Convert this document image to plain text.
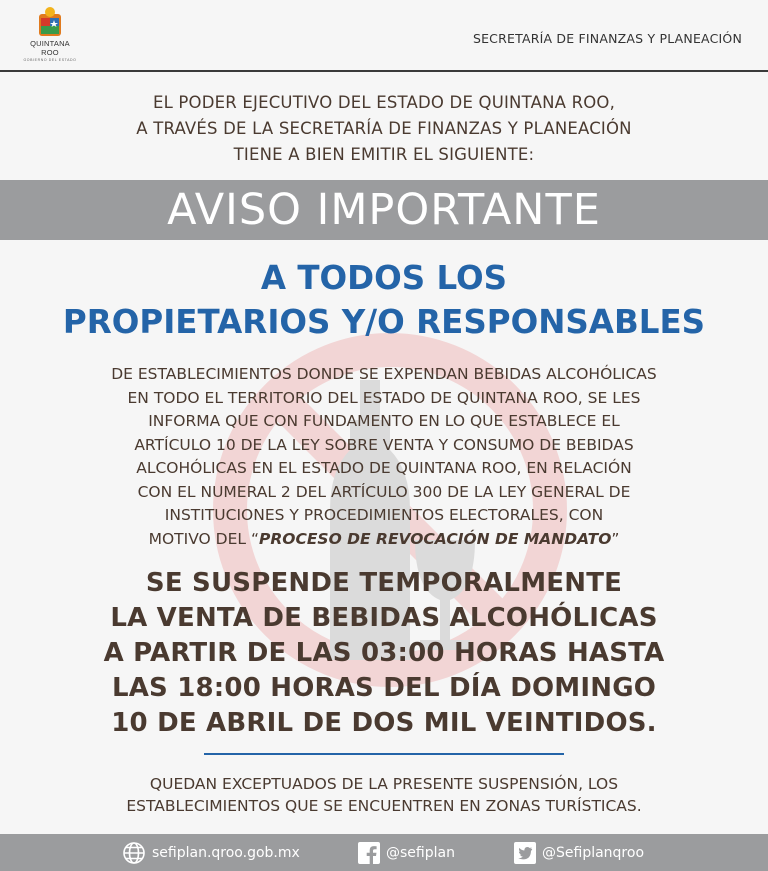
QUINTANA ROO
GOBIERNO DEL ESTADO
SECRETARÍA DE FINANZAS Y PLANEACIÓN
EL PODER EJECUTIVO DEL ESTADO DE QUINTANA ROO,
A TRAVÉS DE LA SECRETARÍA DE FINANZAS Y PLANEACIÓN
TIENE A BIEN EMITIR EL SIGUIENTE:
AVISO IMPORTANTE
A TODOS LOS
PROPIETARIOS Y/O RESPONSABLES
DE ESTABLECIMIENTOS DONDE SE EXPENDAN BEBIDAS ALCOHÓLICAS
EN TODO EL TERRITORIO DEL ESTADO DE QUINTANA ROO, SE LES
INFORMA QUE CON FUNDAMENTO EN LO QUE ESTABLECE EL
ARTÍCULO 10 DE LA LEY SOBRE VENTA Y CONSUMO DE BEBIDAS
ALCOHÓLICAS EN EL ESTADO DE QUINTANA ROO, EN RELACIÓN
CON EL NUMERAL 2 DEL ARTÍCULO 300 DE LA LEY GENERAL DE
INSTITUCIONES Y PROCEDIMIENTOS ELECTORALES, CON
MOTIVO DEL “PROCESO DE REVOCACIÓN DE MANDATO”
SE SUSPENDE TEMPORALMENTE
LA VENTA DE BEBIDAS ALCOHÓLICAS
A PARTIR DE LAS 03:00 HORAS HASTA
LAS 18:00 HORAS DEL DÍA DOMINGO
10 DE ABRIL DE DOS MIL VEINTIDOS.
QUEDAN EXCEPTUADOS DE LA PRESENTE SUSPENSIÓN, LOS
ESTABLECIMIENTOS QUE SE ENCUENTREN EN ZONAS TURÍSTICAS.
sefiplan.qroo.gob.mx	@sefiplan	@Sefiplanqroo
